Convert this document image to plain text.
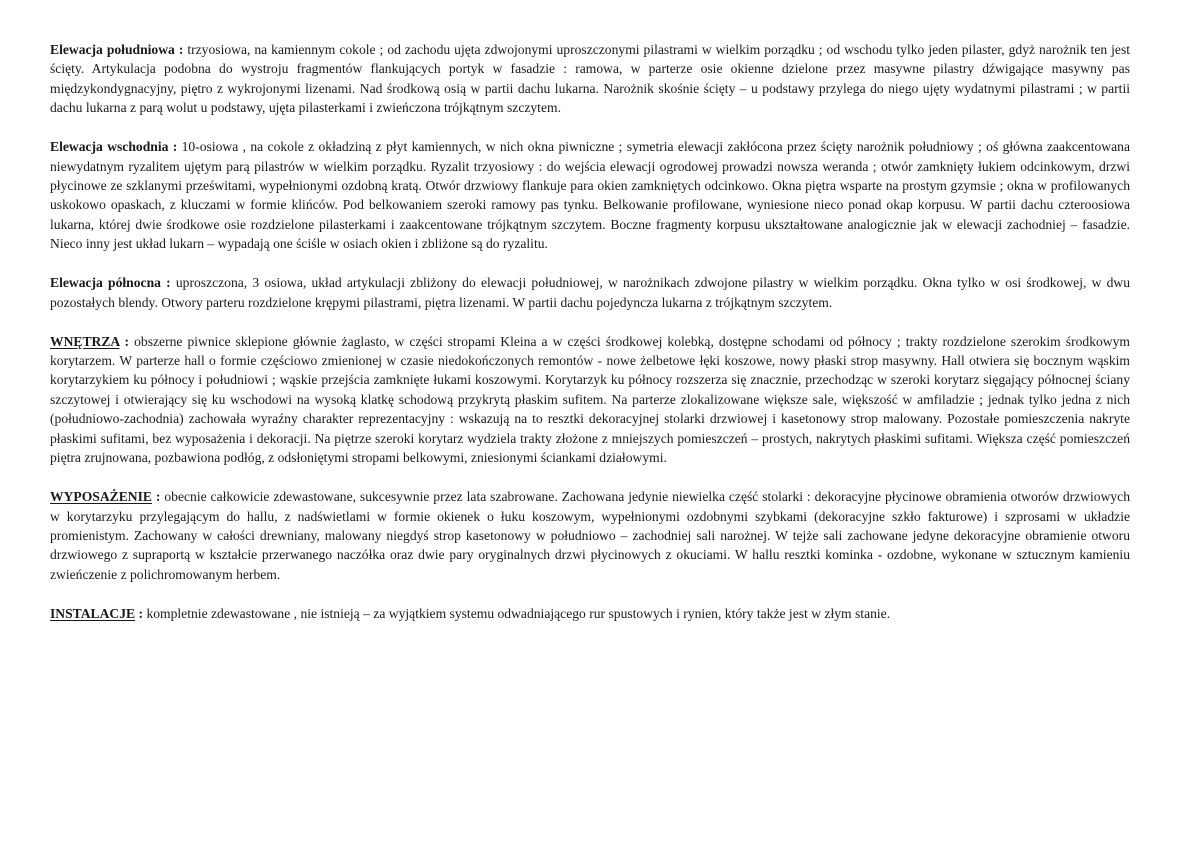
Elewacja południowa : trzyosiowa, na kamiennym cokole ; od zachodu ujęta zdwojonymi uproszczonymi pilastrami w wielkim porządku ; od wschodu tylko jeden pilaster, gdyż narożnik ten jest ścięty. Artykulacja podobna do wystroju fragmentów flankujących portyk w fasadzie : ramowa, w parterze osie okienne dzielone przez masywne pilastry dźwigające masywny pas międzykondygnacyjny, piętro z wykrojonymi lizenami. Nad środkową osią w partii dachu lukarna. Narożnik skośnie ścięty – u podstawy przylega do niego ujęty wydatnymi pilastrami ; w partii dachu lukarna z parą wolut u podstawy, ujęta pilasterkami i zwieńczona trójkątnym szczytem.

Elewacja wschodnia : 10-osiowa , na cokole z okładziną z płyt kamiennych, w nich okna piwniczne ; symetria elewacji zakłócona przez ścięty narożnik południowy ; oś główna zaakcentowana niewydatnym ryzalitem ujętym parą pilastrów w wielkim porządku. Ryzalit trzyosiowy : do wejścia elewacji ogrodowej prowadzi nowsza weranda ; otwór zamknięty łukiem odcinkowym, drzwi płycinowe ze szklanymi prześwitami, wypełnionymi ozdobną kratą. Otwór drzwiowy flankuje para okien zamkniętych odcinkowo. Okna piętra wsparte na prostym gzymsie ; okna w profilowanych uskokowo opaskach, z kluczami w formie klińców. Pod belkowaniem szeroki ramowy pas tynku. Belkowanie profilowane, wyniesione nieco ponad okap korpusu. W partii dachu czteroosiowa lukarna, której dwie środkowe osie rozdzielone pilasterkami i zaakcentowane trójkątnym szczytem. Boczne fragmenty korpusu ukształtowane analogicznie jak w elewacji zachodniej – fasadzie. Nieco inny jest układ lukarn – wypadają one ściśle w osiach okien i zbliżone są do ryzalitu.

Elewacja północna : uproszczona, 3 osiowa, układ artykulacji zbliżony do elewacji południowej, w narożnikach zdwojone pilastry w wielkim porządku. Okna tylko w osi środkowej, w dwu pozostałych blendy. Otwory parteru rozdzielone krępymi pilastrami, piętra lizenami. W partii dachu pojedyncza lukarna z trójkątnym szczytem.

WNĘTRZA : obszerne piwnice sklepione głównie żaglasto, w części stropami Kleina a w części środkowej kolebką, dostępne schodami od północy ; trakty rozdzielone szerokim środkowym korytarzem. W parterze hall o formie częściowo zmienionej w czasie niedokończonych remontów - nowe żelbetowe łęki koszowe, nowy płaski strop masywny. Hall otwiera się bocznym wąskim korytarzykiem ku północy i południowi ; wąskie przejścia zamknięte łukami koszowymi. Korytarzyk ku północy rozszerza się znacznie, przechodząc w szeroki korytarz sięgający północnej ściany szczytowej i otwierający się ku wschodowi na wysoką klatkę schodową przykrytą płaskim sufitem. Na parterze zlokalizowane większe sale, większość w amfiladzie ; jednak tylko jedna z nich (południowo-zachodnia) zachowała wyraźny charakter reprezentacyjny : wskazują na to resztki dekoracyjnej stolarki drzwiowej i kasetonowy strop malowany. Pozostałe pomieszczenia nakryte płaskimi sufitami, bez wyposażenia i dekoracji. Na piętrze szeroki korytarz wydziela trakty złożone z mniejszych pomieszczeń – prostych, nakrytych płaskimi sufitami. Większa część pomieszczeń piętra zrujnowana, pozbawiona podłóg, z odsłoniętymi stropami belkowymi, zniesionymi ściankami działowymi.

WYPOSAŻENIE : obecnie całkowicie zdewastowane, sukcesywnie przez lata szabrowane. Zachowana jedynie niewielka część stolarki : dekoracyjne płycinowe obramienia otworów drzwiowych w korytarzyku przylegającym do hallu, z nadświetlami w formie okienek o łuku koszowym, wypełnionymi ozdobnymi szybkami (dekoracyjne szkło fakturowe) i szprosami w układzie promienistym. Zachowany w całości drewniany, malowany niegdyś strop kasetonowy w południowo – zachodniej sali narożnej. W tejże sali zachowane jedyne dekoracyjne obramienie otworu drzwiowego z supraportą w kształcie przerwanego naczółka oraz dwie pary oryginalnych drzwi płycinowych z okuciami. W hallu resztki kominka - ozdobne, wykonane w sztucznym kamieniu zwieńczenie z polichromowanym herbem.

INSTALACJE : kompletnie zdewastowane , nie istnieją – za wyjątkiem systemu odwadniającego rur spustowych i rynien, który także jest w złym stanie.
